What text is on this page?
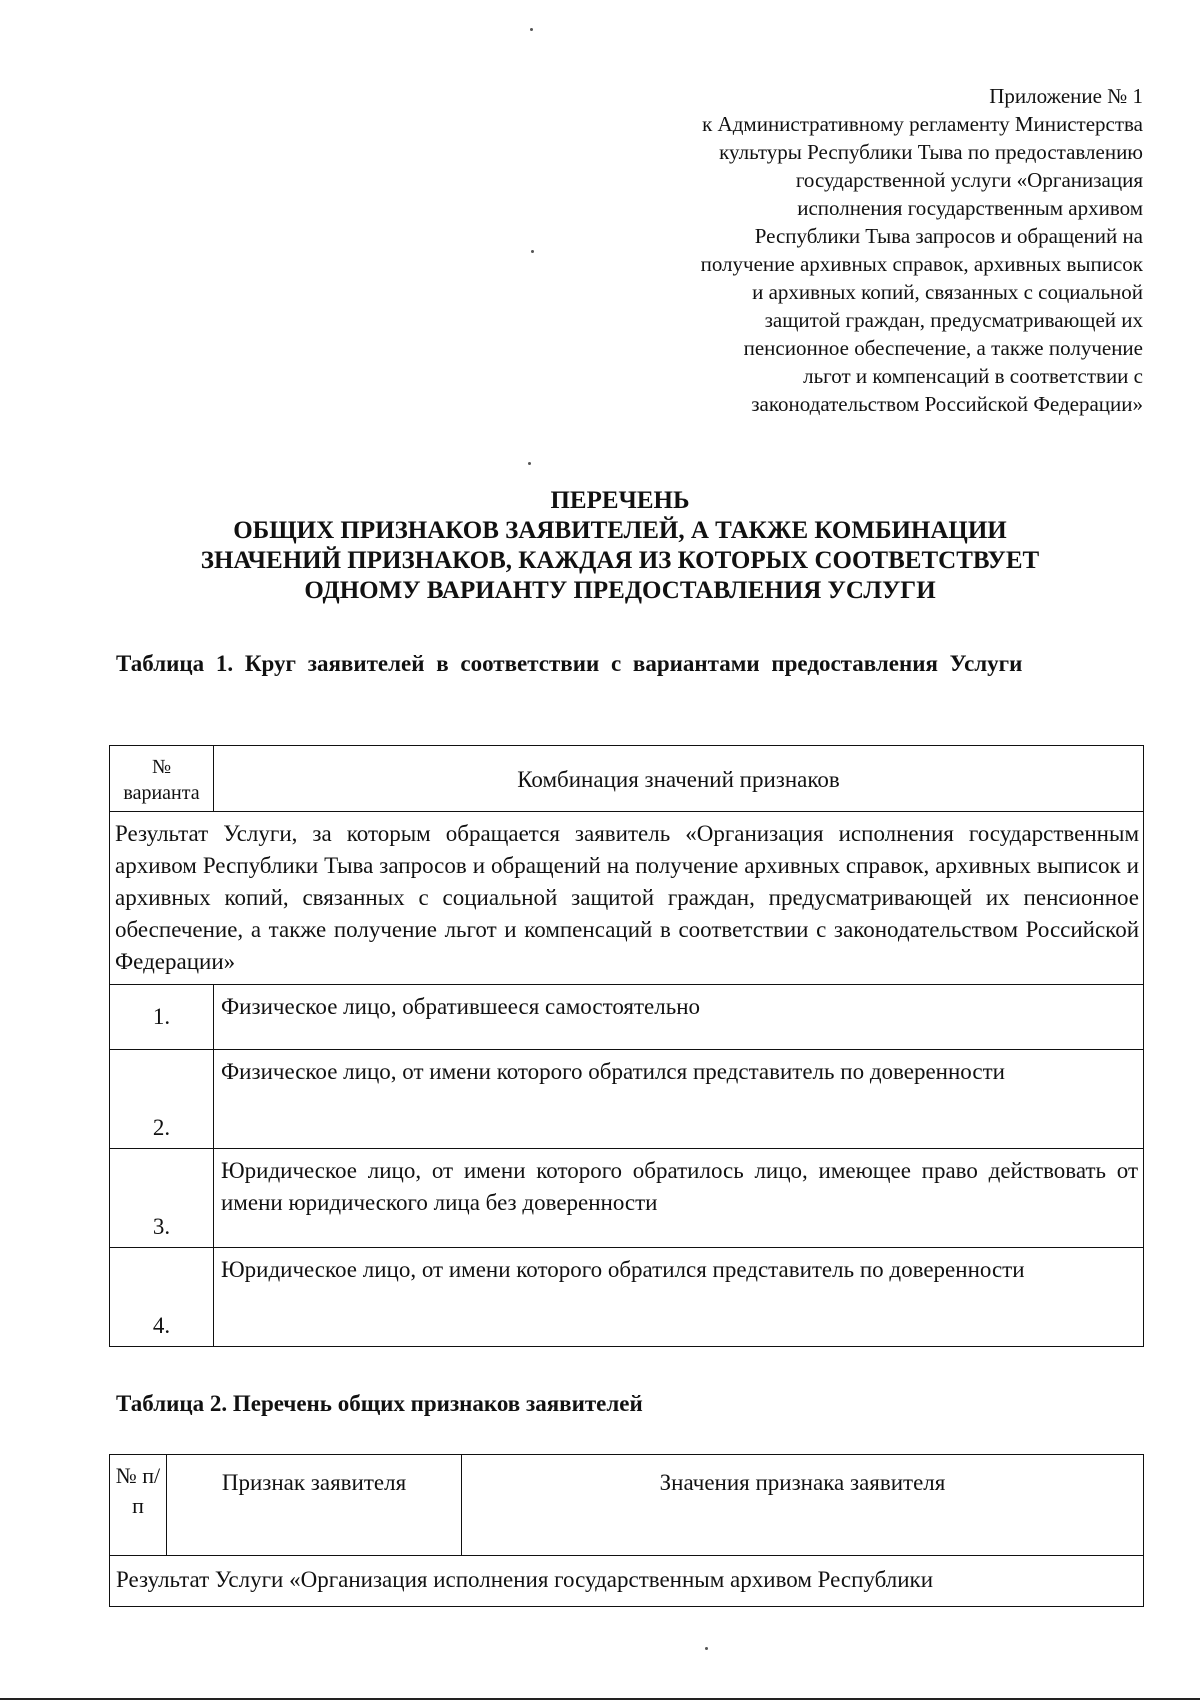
Приложение № 1
к Административному регламенту Министерства
культуры Республики Тыва по предоставлению
государственной услуги «Организация
исполнения государственным архивом
Республики Тыва запросов и обращений на
получение архивных справок, архивных выписок
и архивных копий, связанных с социальной
защитой граждан, предусматривающей их
пенсионное обеспечение, а также получение
льгот и компенсаций в соответствии с
законодательством Российской Федерации»
ПЕРЕЧЕНЬ
ОБЩИХ ПРИЗНАКОВ ЗАЯВИТЕЛЕЙ, А ТАКЖЕ КОМБИНАЦИИ
ЗНАЧЕНИЙ ПРИЗНАКОВ, КАЖДАЯ ИЗ КОТОРЫХ СООТВЕТСТВУЕТ
ОДНОМУ ВАРИАНТУ ПРЕДОСТАВЛЕНИЯ УСЛУГИ
Таблица 1. Круг заявителей в соответствии с вариантами предоставления Услуги
№ варианта	Комбинация значений признаков
Результат Услуги, за которым обращается заявитель «Организация исполнения государственным архивом Республики Тыва запросов и обращений на получение архивных справок, архивных выписок и архивных копий, связанных с социальной защитой граждан, предусматривающей их пенсионное обеспечение, а также получение льгот и компенсаций в соответствии с законодательством Российской Федерации»	
1.	Физическое лицо, обратившееся самостоятельно
2.	Физическое лицо, от имени которого обратился представитель по доверенности
3.	Юридическое лицо, от имени которого обратилось лицо, имеющее право действовать от имени юридического лица без доверенности
4.	Юридическое лицо, от имени которого обратился представитель по доверенности
Таблица 2. Перечень общих признаков заявителей
№ п/п	Признак заявителя	Значения признака заявителя
Результат Услуги «Организация исполнения государственным архивом Республики
